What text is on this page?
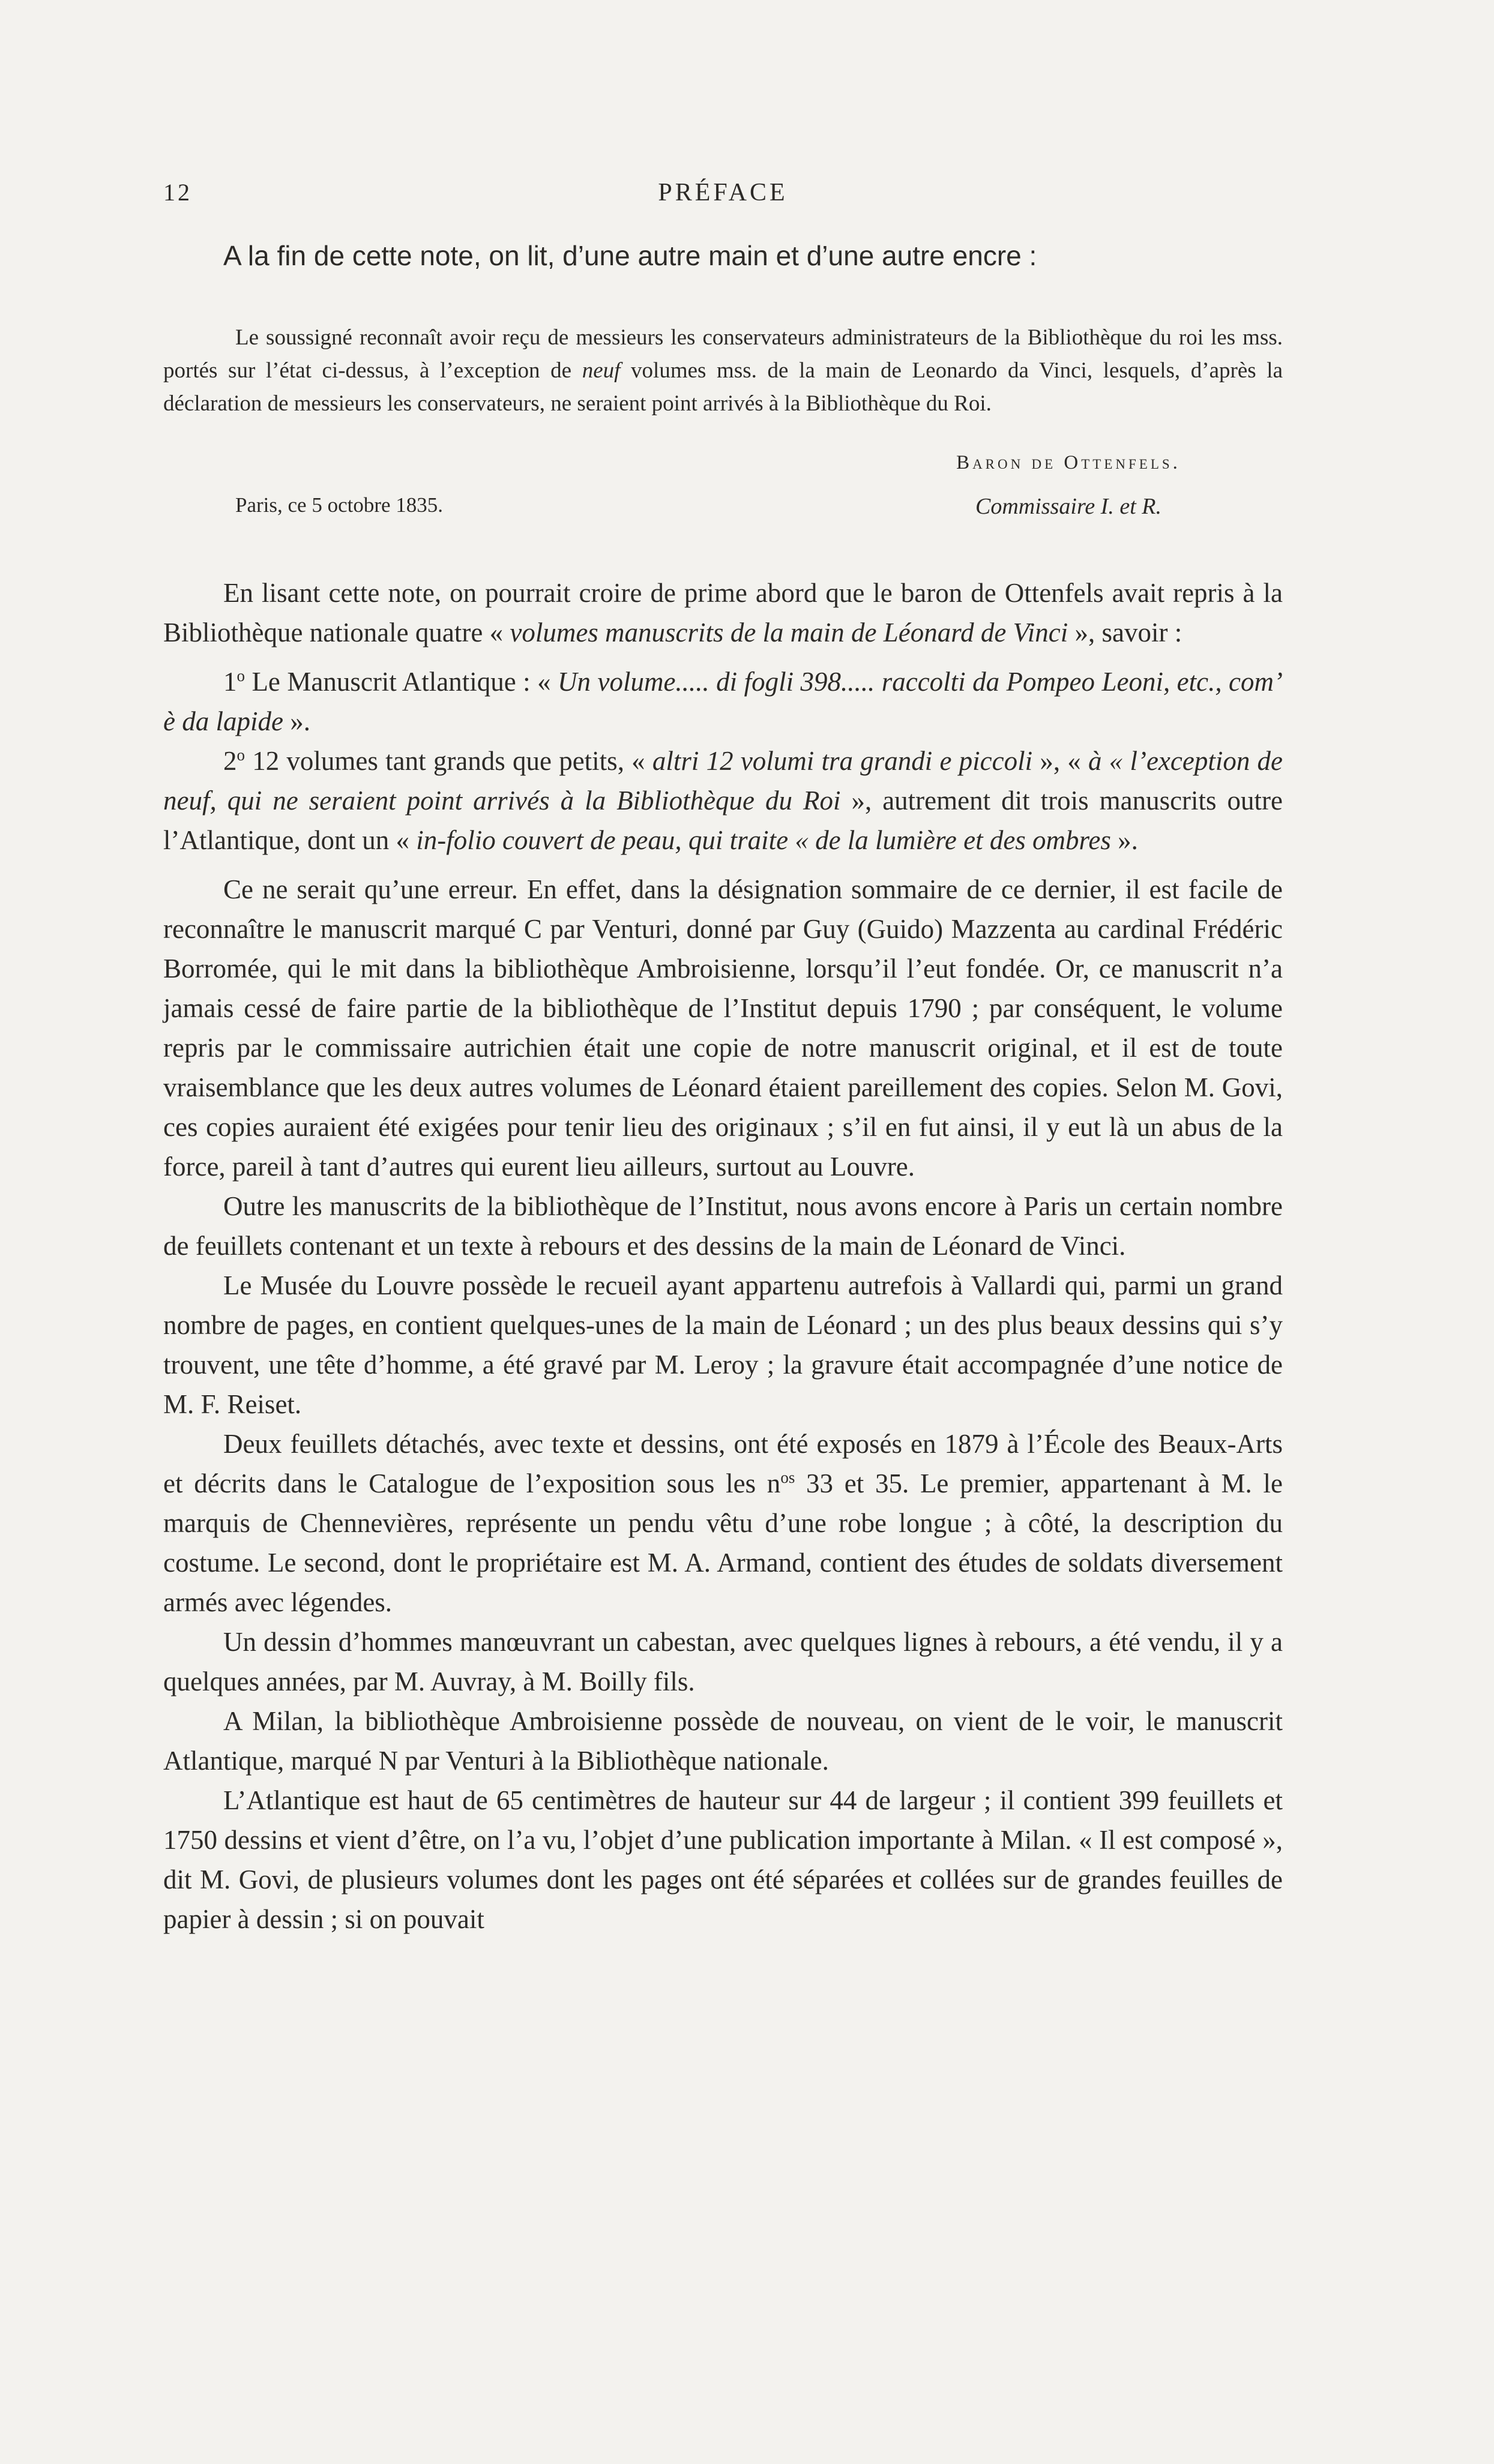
12	PRÉFACE
A la fin de cette note, on lit, d’une autre main et d’une autre encre :

Le soussigné reconnaît avoir reçu de messieurs les conservateurs administrateurs de la Bibliothèque du roi les mss. portés sur l’état ci-dessus, à l’exception de neuf volumes mss. de la main de Leonardo da Vinci, lesquels, d’après la déclaration de messieurs les conservateurs, ne seraient point arrivés à la Bibliothèque du Roi.

Baron de Ottenfels.
Paris, ce 5 octobre 1835.	Commissaire I. et R.

En lisant cette note, on pourrait croire de prime abord que le baron de Ottenfels avait repris à la Bibliothèque nationale quatre « volumes manuscrits de la main de Léonard de Vinci », savoir :

1$^o$ Le Manuscrit Atlantique : « Un volume..... di fogli 398..... raccolti da Pompeo Leoni, etc., com’ è da lapide ».

2$^o$ 12 volumes tant grands que petits, « altri 12 volumi tra grandi e piccoli », « à « l’exception de neuf, qui ne seraient point arrivés à la Bibliothèque du Roi », autrement dit trois manuscrits outre l’Atlantique, dont un « in-folio couvert de peau, qui traite « de la lumière et des ombres ».

Ce ne serait qu’une erreur. En effet, dans la désignation sommaire de ce dernier, il est facile de reconnaître le manuscrit marqué C par Venturi, donné par Guy (Guido) Mazzenta au cardinal Frédéric Borromée, qui le mit dans la bibliothèque Ambroisienne, lorsqu’il l’eut fondée. Or, ce manuscrit n’a jamais cessé de faire partie de la bibliothèque de l’Institut depuis 1790 ; par conséquent, le volume repris par le commissaire autrichien était une copie de notre manuscrit original, et il est de toute vraisemblance que les deux autres volumes de Léonard étaient pareillement des copies. Selon M. Govi, ces copies auraient été exigées pour tenir lieu des originaux ; s’il en fut ainsi, il y eut là un abus de la force, pareil à tant d’autres qui eurent lieu ailleurs, surtout au Louvre.

Outre les manuscrits de la bibliothèque de l’Institut, nous avons encore à Paris un certain nombre de feuillets contenant et un texte à rebours et des dessins de la main de Léonard de Vinci.

Le Musée du Louvre possède le recueil ayant appartenu autrefois à Vallardi qui, parmi un grand nombre de pages, en contient quelques-unes de la main de Léonard ; un des plus beaux dessins qui s’y trouvent, une tête d’homme, a été gravé par M. Leroy ; la gravure était accompagnée d’une notice de M. F. Reiset.

Deux feuillets détachés, avec texte et dessins, ont été exposés en 1879 à l’École des Beaux-Arts et décrits dans le Catalogue de l’exposition sous les $n^{os}$ 33 et 35. Le premier, appartenant à M. le marquis de Chennevières, représente un pendu vêtu d’une robe longue ; à côté, la description du costume. Le second, dont le propriétaire est M. A. Armand, contient des études de soldats diversement armés avec légendes.

Un dessin d’hommes manœuvrant un cabestan, avec quelques lignes à rebours, a été vendu, il y a quelques années, par M. Auvray, à M. Boilly fils.

A Milan, la bibliothèque Ambroisienne possède de nouveau, on vient de le voir, le manuscrit Atlantique, marqué N par Venturi à la Bibliothèque nationale.

L’Atlantique est haut de 65 centimètres de hauteur sur 44 de largeur ; il contient 399 feuillets et 1750 dessins et vient d’être, on l’a vu, l’objet d’une publication importante à Milan. « Il est composé », dit M. Govi, de plusieurs volumes dont les pages ont été séparées et collées sur de grandes feuilles de papier à dessin ; si on pouvait
